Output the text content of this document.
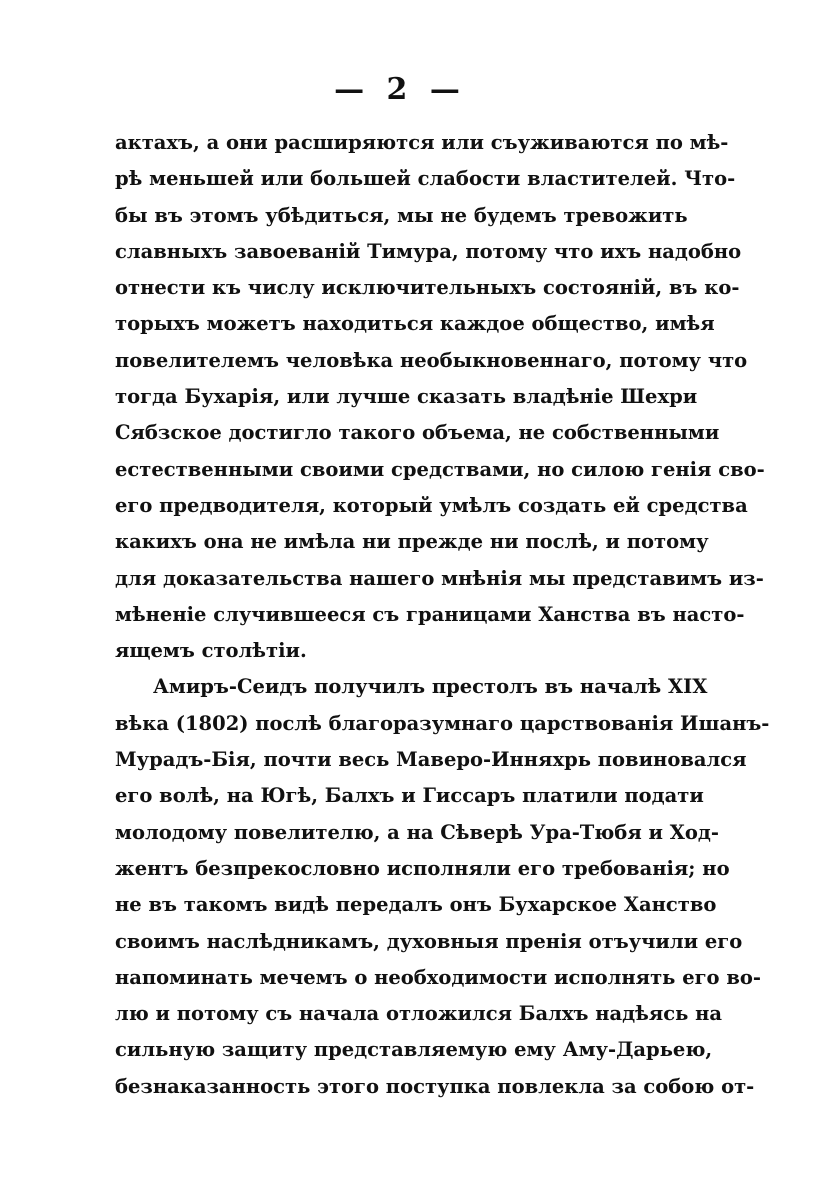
— 2 —
актахъ, а они расширяются или съуживаются по мѣ-
рѣ меньшей или большей слабости властителей. Что-
бы въ этомъ убѣдиться, мы не будемъ тревожить
славныхъ завоеваній Тимура, потому что ихъ надобно
отнести къ числу исключительныхъ состояній, въ ко-
торыхъ можетъ находиться каждое общество, имѣя
повелителемъ человѣка необыкновеннаго, потому что
тогда Бухарія, или лучше сказать владѣніе Шехри
Сябзское достигло такого объема, не собственными
естественными своими средствами, но силою генія сво-
его предводителя, который умѣлъ создать ей средства
какихъ она не имѣла ни прежде ни послѣ, и потому
для доказательства нашего мнѣнія мы представимъ из-
мѣненіе случившееся съ границами Ханства въ насто-
ящемъ столѣтіи.
Амиръ-Сеидъ получилъ престолъ въ началѣ XIX
вѣка (1802) послѣ благоразумнаго царствованія Ишанъ-
Мурадъ-Бія, почти весь Маверо-Инняхрь повиновался
его волѣ, на Югѣ, Балхъ и Гиссаръ платили подати
молодому повелителю, а на Сѣверѣ Ура-Тюбя и Ход-
жентъ безпрекословно исполняли его требованія; но
не въ такомъ видѣ передалъ онъ Бухарское Ханство
своимъ наслѣдникамъ, духовныя пренія отъучили его
напоминать мечемъ о необходимости исполнять его во-
лю и потому съ начала отложился Балхъ надѣясь на
сильную защиту представляемую ему Аму-Дарьею,
безнаказанность этого поступка повлекла за собою от-
